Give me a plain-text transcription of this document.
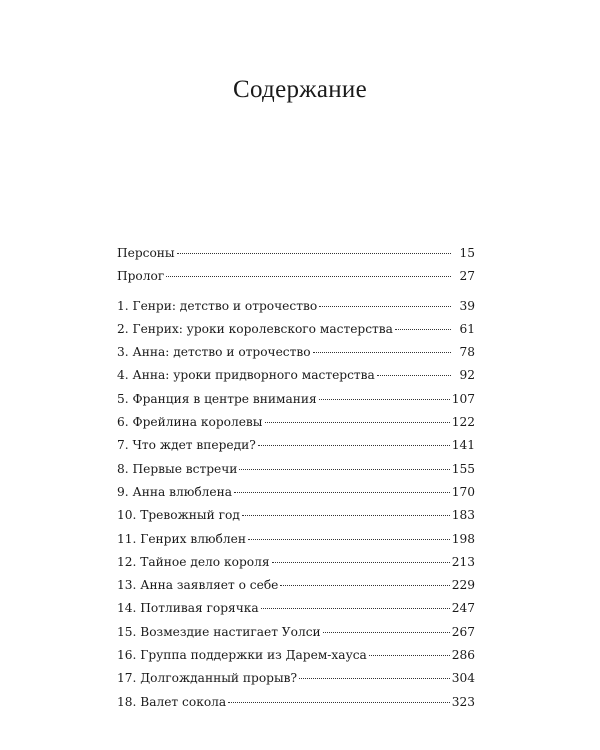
Содержание
Персоны	15
Пролог	27
1. Генри: детство и отрочество	39
2. Генрих: уроки королевского мастерства	61
3. Анна: детство и отрочество	78
4. Анна: уроки придворного мастерства	92
5. Франция в центре внимания	107
6. Фрейлина королевы	122
7. Что ждет впереди?	141
8. Первые встречи	155
9. Анна влюблена	170
10. Тревожный год	183
11. Генрих влюблен	198
12. Тайное дело короля	213
13. Анна заявляет о себе	229
14. Потливая горячка	247
15. Возмездие настигает Уолси	267
16. Группа поддержки из Дарем-хауса	286
17. Долгожданный прорыв?	304
18. Валет сокола	323
